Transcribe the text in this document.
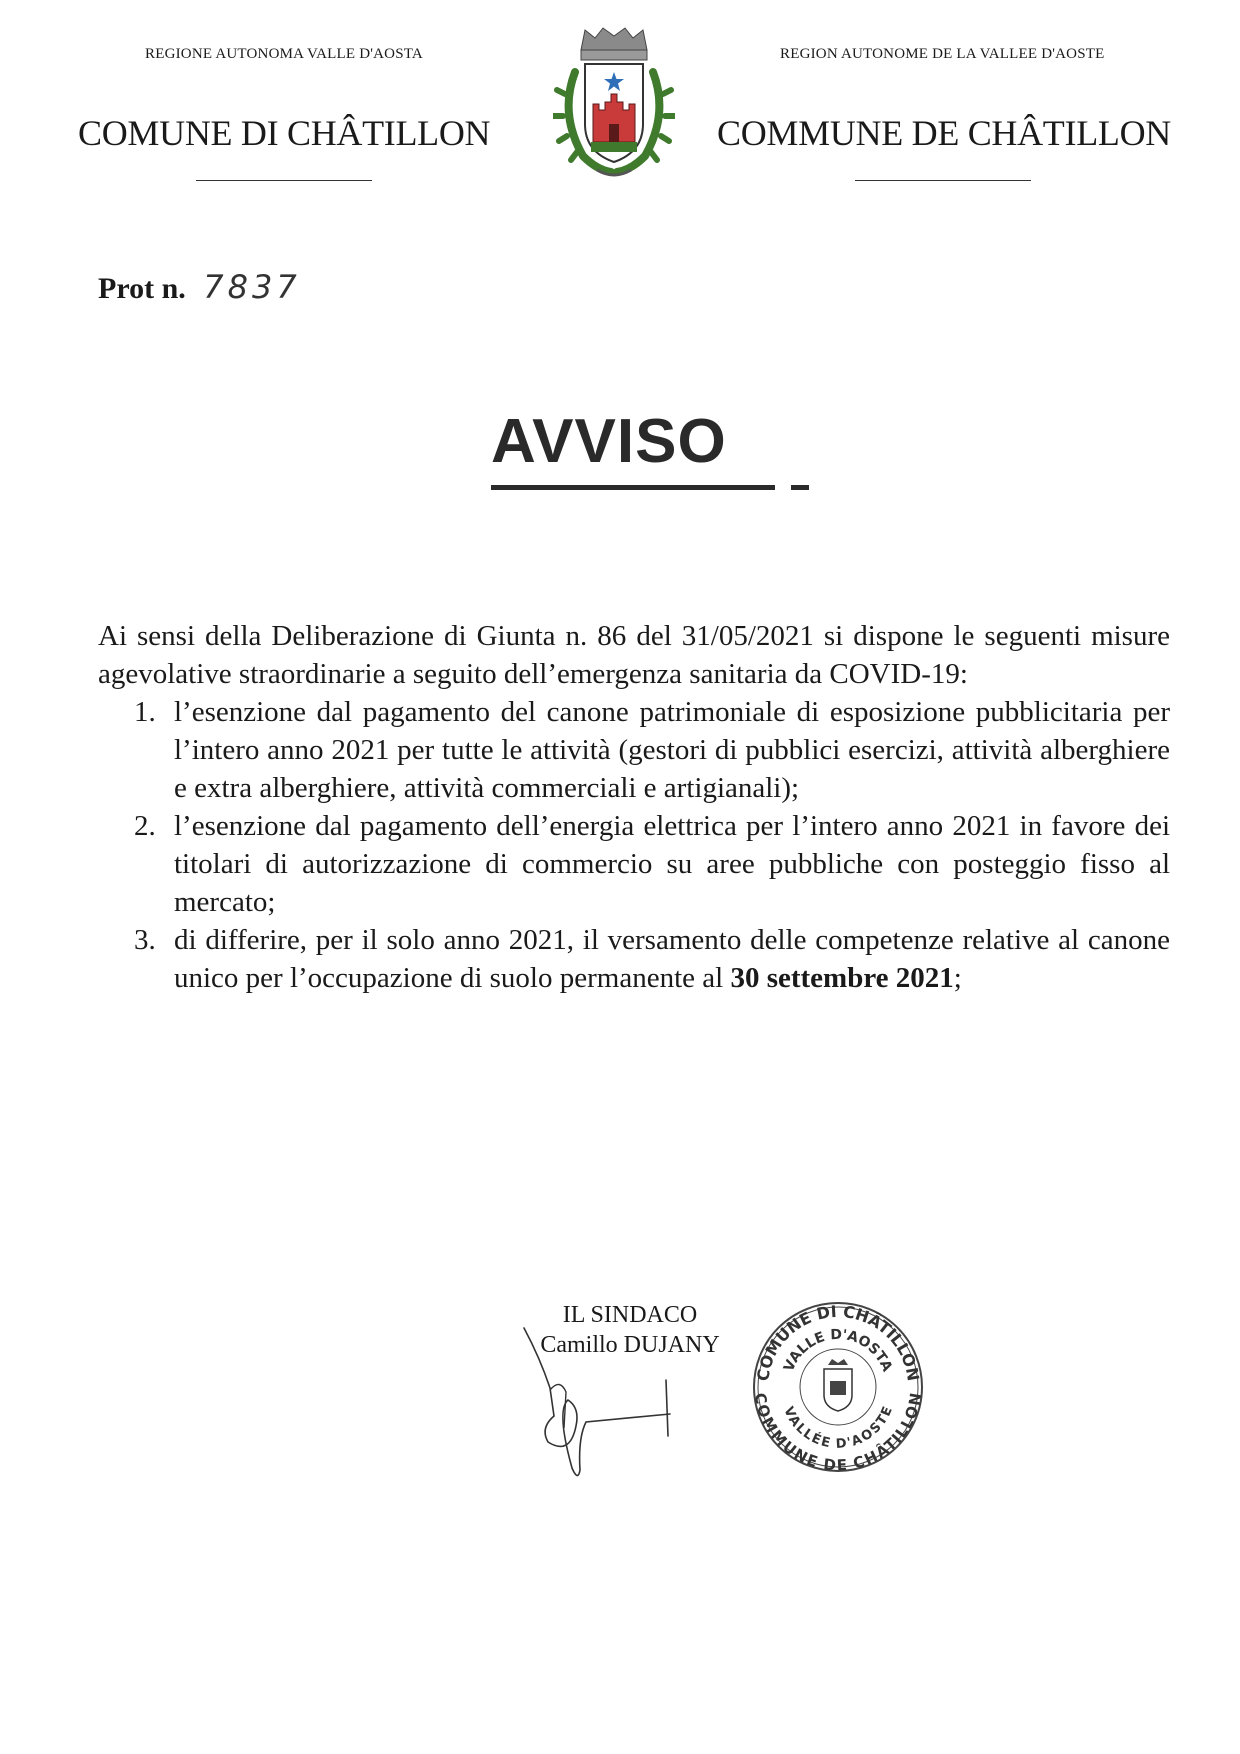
REGIONE AUTONOMA VALLE D'AOSTA
COMUNE DI CHÂTILLON
REGION AUTONOME DE LA VALLEE D'AOSTE
COMMUNE DE CHÂTILLON
Prot n. 7837
AVVISO
Ai sensi della Deliberazione di Giunta n. 86 del 31/05/2021 si dispone le seguenti misure agevolative straordinarie a seguito dell’emergenza sanitaria da COVID-19:
1. l’esenzione dal pagamento del canone patrimoniale di esposizione pubblicitaria per l’intero anno 2021 per tutte le attività (gestori di pubblici esercizi, attività alberghiere e extra alberghiere, attività commerciali e artigianali);
2. l’esenzione dal pagamento dell’energia elettrica per l’intero anno 2021 in favore dei titolari di autorizzazione di commercio su aree pubbliche con posteggio fisso al mercato;
3. di differire, per il solo anno 2021, il versamento delle competenze relative al canone unico per l’occupazione di suolo permanente al 30 settembre 2021;
IL SINDACO
Camillo DUJANY
COMUNE DI CHÂTILLON
VALLE D'AOSTA
VALLÉE D'AOSTE
COMMUNE DE CHÂTILLON
